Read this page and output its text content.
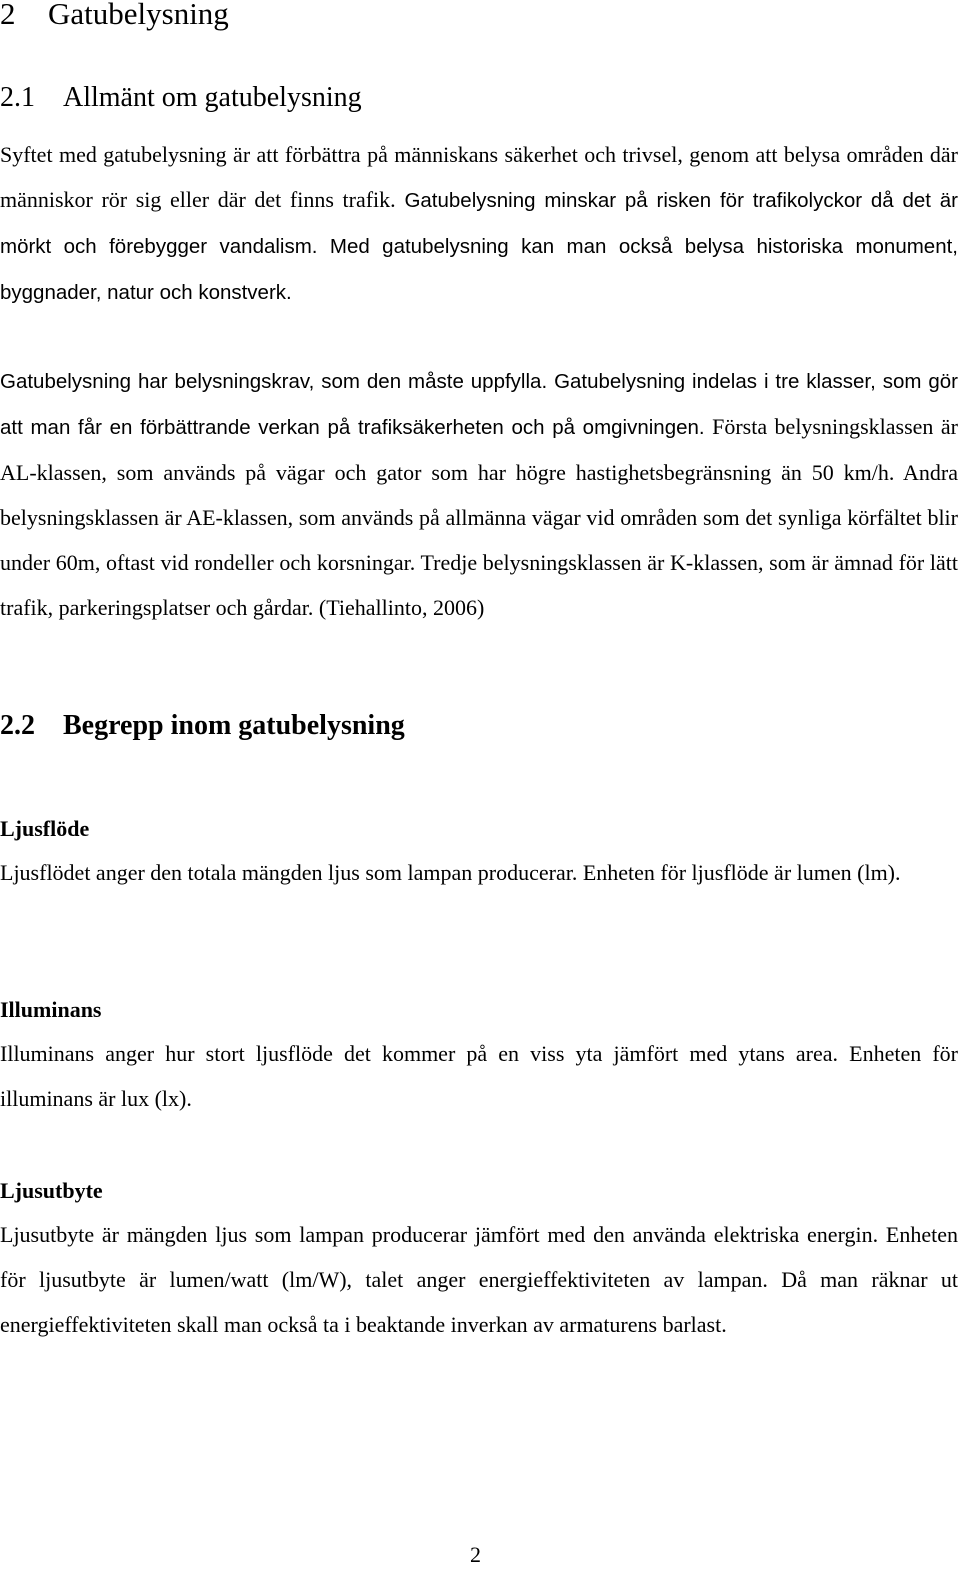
2 Gatubelysning
2.1 Allmänt om gatubelysning

Syftet med gatubelysning är att förbättra på människans säkerhet och trivsel, genom att belysa områden där människor rör sig eller där det finns trafik. Gatubelysning minskar på risken för trafikolyckor då det är mörkt och förebygger vandalism. Med gatubelysning kan man också belysa historiska monument, byggnader, natur och konstverk.

Gatubelysning har belysningskrav, som den måste uppfylla. Gatubelysning indelas i tre klasser, som gör att man får en förbättrande verkan på trafiksäkerheten och på omgivningen. Första belysningsklassen är AL-klassen, som används på vägar och gator som har högre hastighetsbegränsning än 50 km/h. Andra belysningsklassen är AE-klassen, som används på allmänna vägar vid områden som det synliga körfältet blir under 60m, oftast vid rondeller och korsningar. Tredje belysningsklassen är K-klassen, som är ämnad för lätt trafik, parkeringsplatser och gårdar. (Tiehallinto, 2006)

2.2 Begrepp inom gatubelysning
Ljusflöde

Ljusflödet anger den totala mängden ljus som lampan producerar. Enheten för ljusflöde är lumen (lm).

Illuminans

Illuminans anger hur stort ljusflöde det kommer på en viss yta jämfört med ytans area. Enheten för illuminans är lux (lx).

Ljusutbyte

Ljusutbyte är mängden ljus som lampan producerar jämfört med den använda elektriska energin. Enheten för ljusutbyte är lumen/watt (lm/W), talet anger energieffektiviteten av lampan. Då man räknar ut energieffektiviteten skall man också ta i beaktande inverkan av armaturens barlast.

2
